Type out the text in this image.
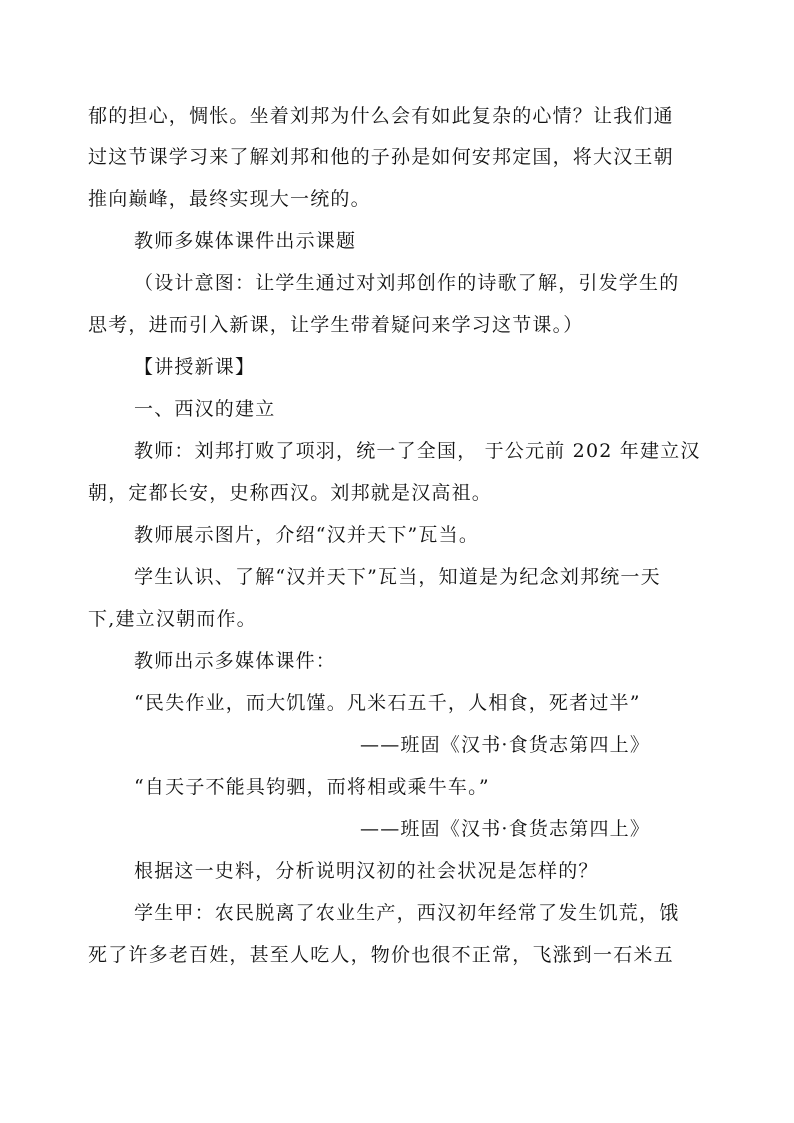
郁的担心，惆怅。坐着刘邦为什么会有如此复杂的心情？让我们通
过这节课学习来了解刘邦和他的子孙是如何安邦定国，将大汉王朝
推向巅峰，最终实现大一统的。
教师多媒体课件出示课题
（设计意图：让学生通过对刘邦创作的诗歌了解，引发学生的
思考，进而引入新课，让学生带着疑问来学习这节课。）
【讲授新课】
一、西汉的建立
教师：刘邦打败了项羽，统一了全国， 于公元前 202 年建立汉
朝，定都长安，史称西汉。刘邦就是汉高祖。
教师展示图片，介绍“汉并天下”瓦当。
学生认识、了解“汉并天下”瓦当，知道是为纪念刘邦统一天
下,建立汉朝而作。
教师出示多媒体课件：
“民失作业，而大饥馑。凡米石五千，人相食，死者过半”
——班固《汉书·食货志第四上》
“自天子不能具钧驷，而将相或乘牛车。”
——班固《汉书·食货志第四上》
根据这一史料，分析说明汉初的社会状况是怎样的？
学生甲：农民脱离了农业生产，西汉初年经常了发生饥荒，饿
死了许多老百姓，甚至人吃人，物价也很不正常，飞涨到一石米五
